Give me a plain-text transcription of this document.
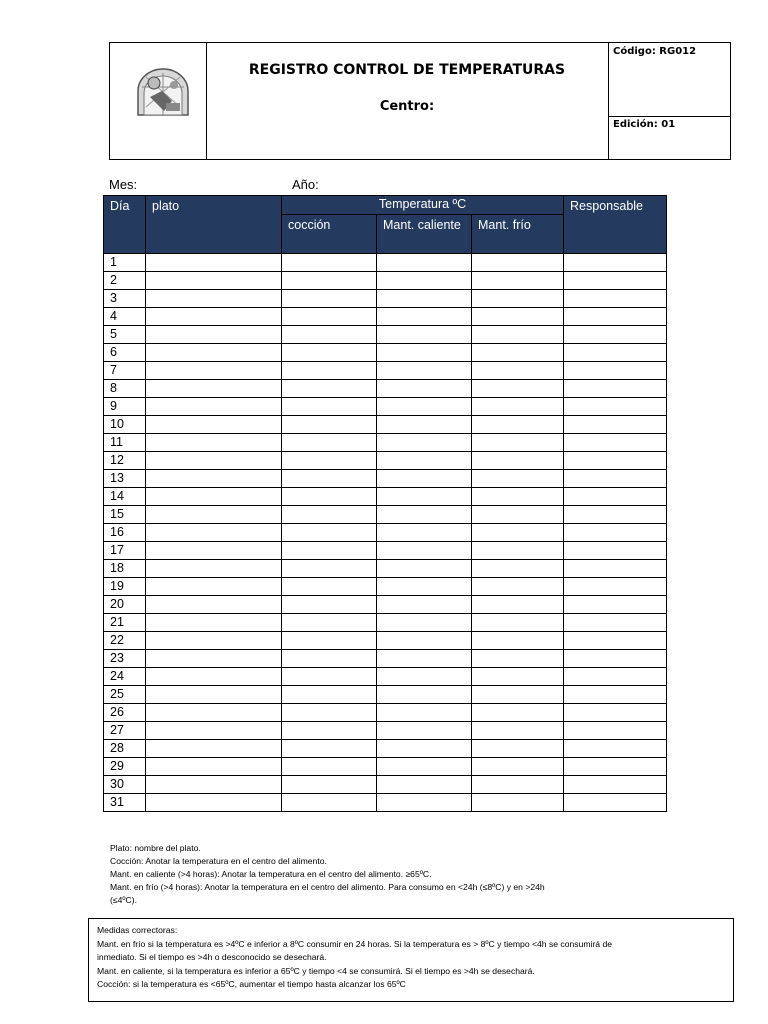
REGISTRO CONTROL DE TEMPERATURAS
Centro:
Código: RG012
Edición: 01
Mes:	Año:
Día	plato	Temperatura ºC			Responsable
		cocción	Mant. caliente	Mant. frío	
1					
2					
3					
4					
5					
6					
7					
8					
9					
10					
11					
12					
13					
14					
15					
16					
17					
18					
19					
20					
21					
22					
23					
24					
25					
26					
27					
28					
29					
30					
31					
Plato: nombre del plato.
Cocción: Anotar la temperatura en el centro del alimento.
Mant. en caliente (>4 horas): Anotar la temperatura en el centro del alimento. ≥65ºC.
Mant. en frío (>4 horas): Anotar la temperatura en el centro del alimento. Para consumo en <24h (≤8ºC) y en >24h
(≤4ºC).
Medidas correctoras:
Mant. en frío si la temperatura es >4ºC e inferior a 8ºC consumir en 24 horas. Si la temperatura es > 8ºC y tiempo <4h se consumirá de
inmediato. Si el tiempo es >4h o desconocido se desechará.
Mant. en caliente, si la temperatura es inferior a 65ºC y tiempo <4 se consumirá. Si el tiempo es >4h se desechará.
Cocción: si la temperatura es <65ºC, aumentar el tiempo hasta alcanzar los 65ºC
